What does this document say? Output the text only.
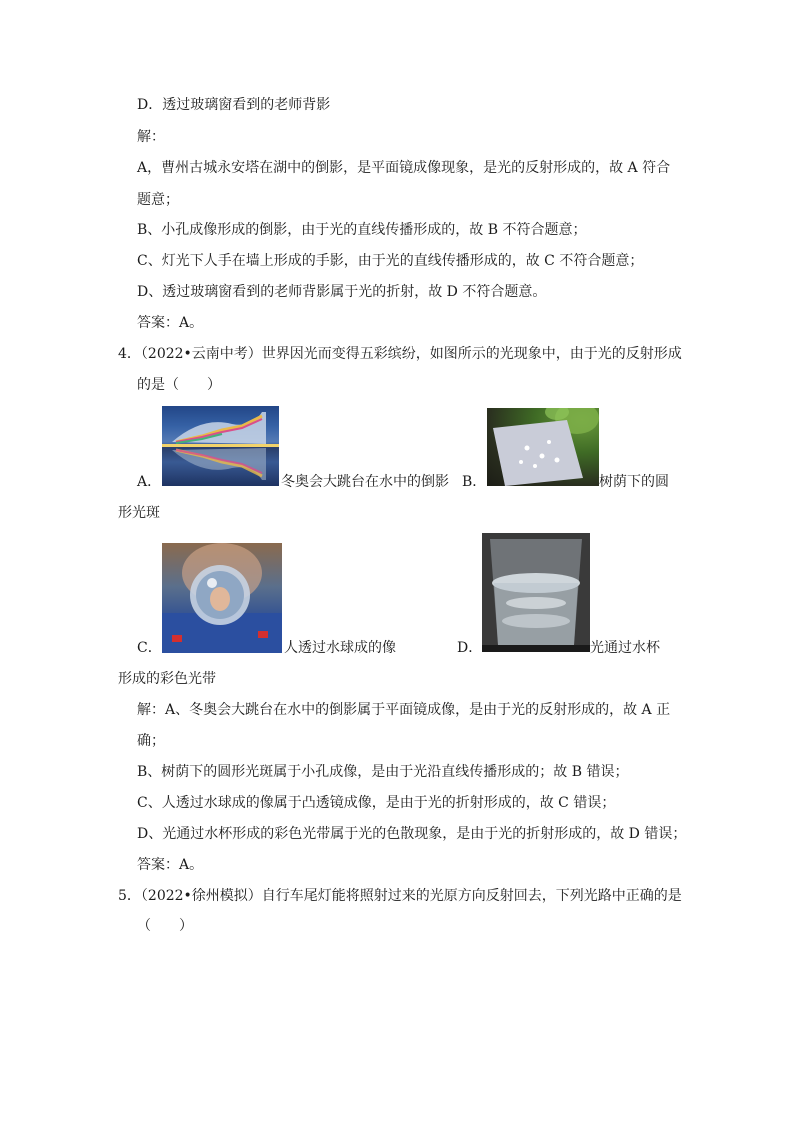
D．透过玻璃窗看到的老师背影
解：
A，曹州古城永安塔在湖中的倒影，是平面镜成像现象，是光的反射形成的，故 A 符合
题意；
B、小孔成像形成的倒影，由于光的直线传播形成的，故 B 不符合题意；
C、灯光下人手在墙上形成的手影，由于光的直线传播形成的，故 C 不符合题意；
D、透过玻璃窗看到的老师背影属于光的折射，故 D 不符合题意。
答案：A。
4．（2022•云南中考）世界因光而变得五彩缤纷，如图所示的光现象中，由于光的反射形成
的是（　　）
A．	冬奥会大跳台在水中的倒影 B．	树荫下的圆
形光斑
C．	人透过水球成的像	D．	光通过水杯
形成的彩色光带
解：A、冬奥会大跳台在水中的倒影属于平面镜成像，是由于光的反射形成的，故 A 正
确；
B、树荫下的圆形光斑属于小孔成像，是由于光沿直线传播形成的；故 B 错误；
C、人透过水球成的像属于凸透镜成像，是由于光的折射形成的，故 C 错误；
D、光通过水杯形成的彩色光带属于光的色散现象，是由于光的折射形成的，故 D 错误；
答案：A。
5．（2022•徐州模拟）自行车尾灯能将照射过来的光原方向反射回去，下列光路中正确的是
（　　）
